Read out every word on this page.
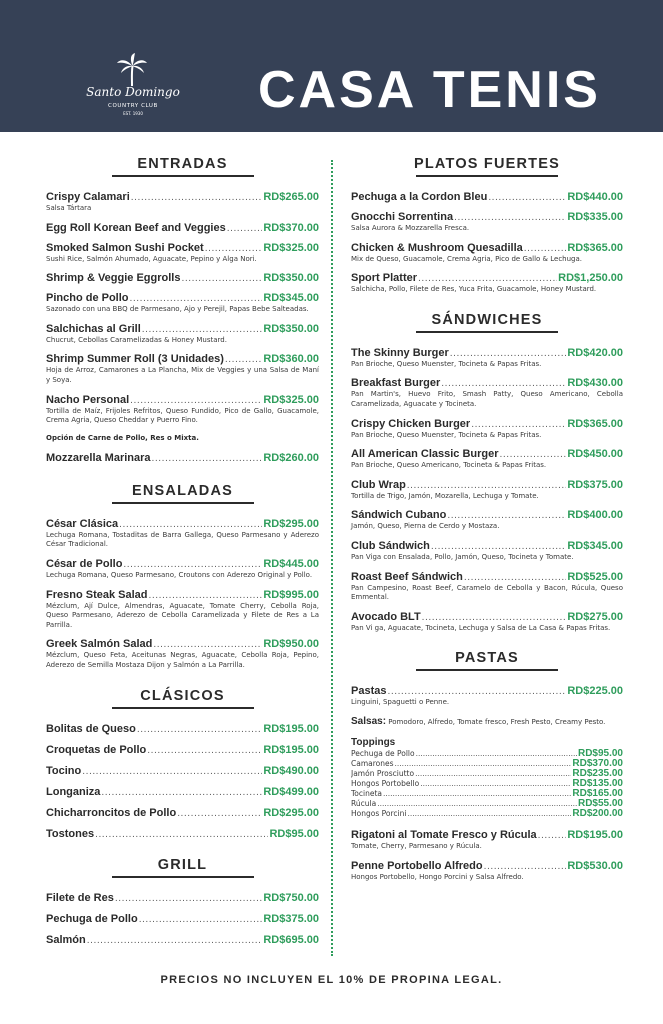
Santo Domingo
COUNTRY CLUB
EST. 1930	CASA TENIS
ENTRADAS
Crispy Calamari .....	RD$265.00
Salsa Tártara
Egg Roll Korean Beef and Veggies .....	RD$370.00
Smoked Salmon Sushi Pocket .....	RD$325.00
Sushi Rice, Salmón Ahumado, Aguacate, Pepino y Alga Nori.
Shrimp & Veggie Eggrolls .....	RD$350.00
Pincho de Pollo .....	RD$345.00
Sazonado con una BBQ de Parmesano, Ajo y Perejil, Papas Bebe Salteadas.
Salchichas al Grill .....	RD$350.00
Chucrut, Cebollas Caramelizadas & Honey Mustard.
Shrimp Summer Roll (3 Unidades) .....	RD$360.00
Hoja de Arroz, Camarones a La Plancha, Mix de Veggies y una Salsa de Maní y Soya.
Nacho Personal .....	RD$325.00
Tortilla de Maíz, Frijoles Refritos, Queso Fundido, Pico de Gallo, Guacamole, Crema Agria, Queso Cheddar y Puerro Fino.
Opción de Carne de Pollo, Res o Mixta.
Mozzarella Marinara .....	RD$260.00
ENSALADAS
César Clásica .....	RD$295.00
Lechuga Romana, Tostaditas de Barra Gallega, Queso Parmesano y Aderezo César Tradicional.
César de Pollo .....	RD$445.00
Lechuga Romana, Queso Parmesano, Croutons con Aderezo Original y Pollo.
Fresno Steak Salad .....	RD$995.00
Mézclum, Ají Dulce, Almendras, Aguacate, Tomate Cherry, Cebolla Roja, Queso Parmesano, Aderezo de Cebolla Caramelizada y Filete de Res a La Parrilla.
Greek Salmón Salad .....	RD$950.00
Mézclum, Queso Feta, Aceitunas Negras, Aguacate, Cebolla Roja, Pepino, Aderezo de Semilla Mostaza Dijon y Salmón a La Parrilla.
CLÁSICOS
Bolitas de Queso .....	RD$195.00
Croquetas de Pollo .....	RD$195.00
Tocino .....	RD$490.00
Longaniza .....	RD$499.00
Chicharroncitos de Pollo .....	RD$295.00
Tostones .....	RD$95.00
GRILL
Filete de Res .....	RD$750.00
Pechuga de Pollo .....	RD$375.00
Salmón .....	RD$695.00
PLATOS FUERTES
Pechuga a la Cordon Bleu .....	RD$440.00
Gnocchi Sorrentina .....	RD$335.00
Salsa Aurora & Mozzarella Fresca.
Chicken & Mushroom Quesadilla .....	RD$365.00
Mix de Queso, Guacamole, Crema Agria, Pico de Gallo & Lechuga.
Sport Platter .....	RD$1,250.00
Salchicha, Pollo, Filete de Res, Yuca Frita, Guacamole, Honey Mustard.
SÁNDWICHES
The Skinny Burger .....	RD$420.00
Pan Brioche, Queso Muenster, Tocineta & Papas Fritas.
Breakfast Burger .....	RD$430.00
Pan Martin's, Huevo Frito, Smash Patty, Queso Americano, Cebolla Caramelizada, Aguacate y Tocineta.
Crispy Chicken Burger .....	RD$365.00
Pan Brioche, Queso Muenster, Tocineta & Papas Fritas.
All American Classic Burger .....	RD$450.00
Pan Brioche, Queso Americano, Tocineta & Papas Fritas.
Club Wrap .....	RD$375.00
Tortilla de Trigo, Jamón, Mozarella, Lechuga y Tomate.
Sándwich Cubano .....	RD$400.00
Jamón, Queso, Pierna de Cerdo y Mostaza.
Club Sándwich .....	RD$345.00
Pan Viga con Ensalada, Pollo, Jamón, Queso, Tocineta y Tomate.
Roast Beef Sándwich .....	RD$525.00
Pan Campesino, Roast Beef, Caramelo de Cebolla y Bacon, Rúcula, Queso Emmental.
Avocado BLT .....	RD$275.00
Pan Vi ga, Aguacate, Tocineta, Lechuga y Salsa de La Casa & Papas Fritas.
PASTAS
Pastas .....	RD$225.00
Linguini, Spaguetti o Penne.
Salsas: Pomodoro, Alfredo, Tomate fresco, Fresh Pesto, Creamy Pesto.
Toppings
Pechuga de Pollo .....	RD$95.00
Camarones .....	RD$370.00
Jamón Prosciutto .....	RD$235.00
Hongos Portobello .....	RD$135.00
Tocineta .....	RD$165.00
Rúcula .....	RD$55.00
Hongos Porcini .....	RD$200.00
Rigatoni al Tomate Fresco y Rúcula .....	RD$195.00
Tomate, Cherry, Parmesano y Rúcula.
Penne Portobello Alfredo .....	RD$530.00
Hongos Portobello, Hongo Porcini y Salsa Alfredo.
PRECIOS NO INCLUYEN EL 10% DE PROPINA LEGAL.
